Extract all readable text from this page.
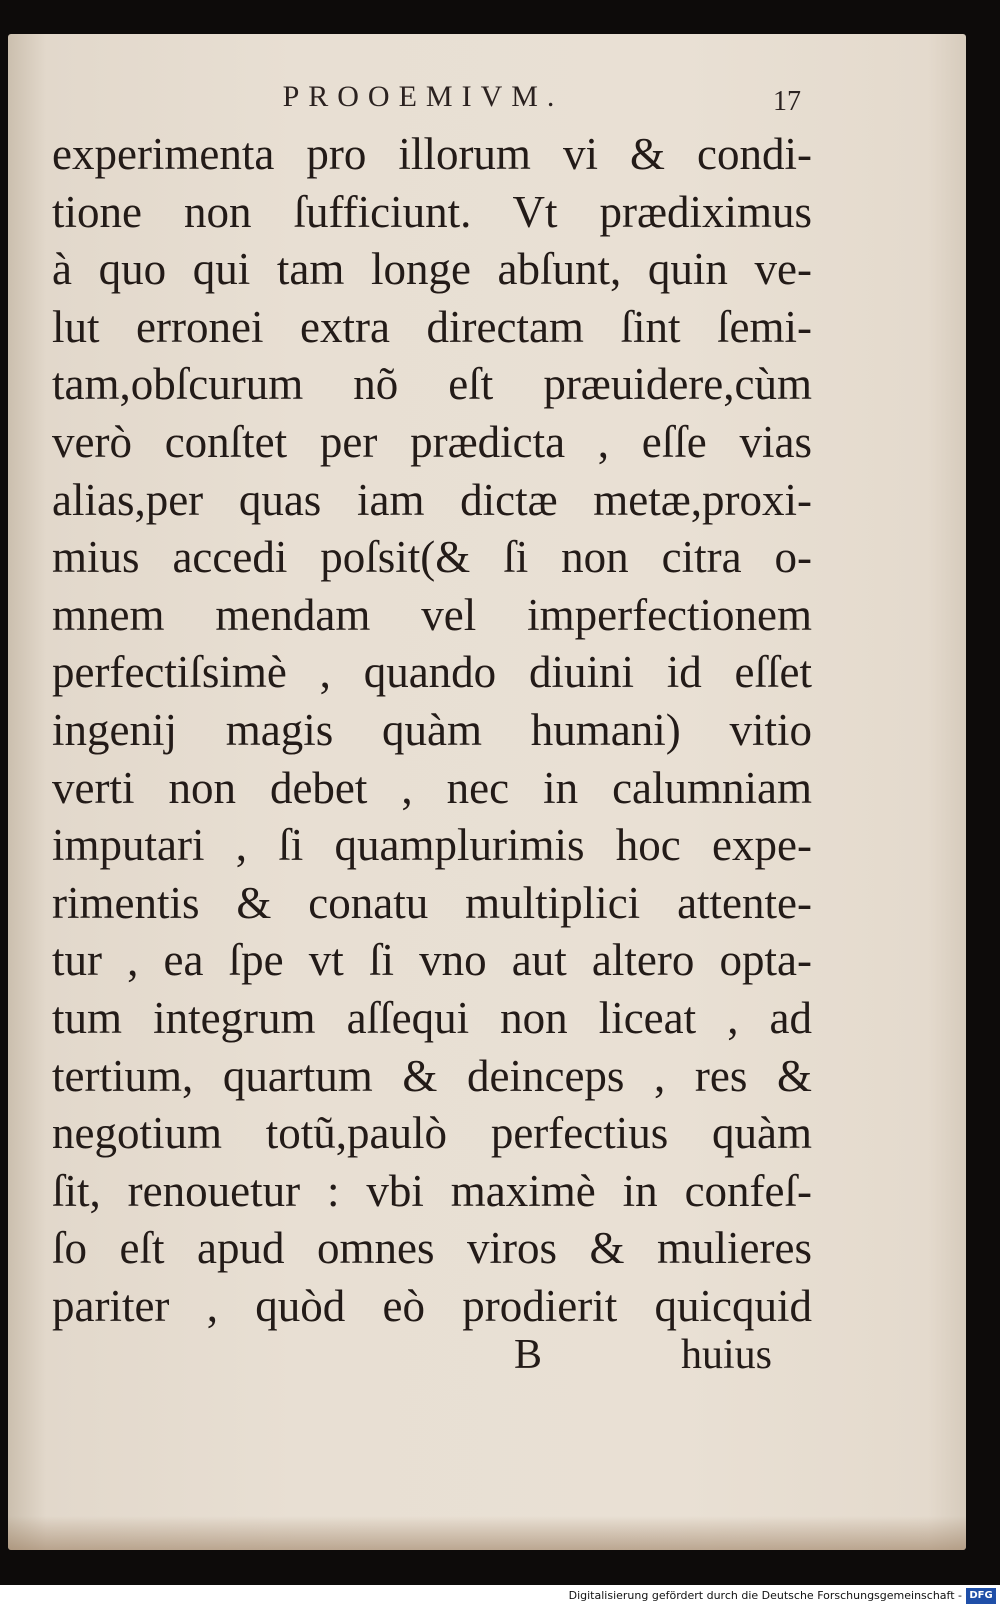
PROOEMIVM.	17
experimenta pro illorum vi & condi-
tione non ſufficiunt. Vt prædiximus
à quo qui tam longe abſunt, quin ve-
lut erronei extra directam ſint ſemi-
tam,obſcurum nõ eſt præuidere,cùm
verò conſtet per prædicta , eſſe vias
alias,per quas iam dictæ metæ,proxi-
mius accedi poſsit(& ſi non citra o-
mnem mendam vel imperfectionem
perfectiſsimè , quando diuini id eſſet
ingenij magis quàm humani) vitio
verti non debet , nec in calumniam
imputari , ſi quamplurimis hoc expe-
rimentis & conatu multiplici attente-
tur , ea ſpe vt ſi vno aut altero opta-
tum integrum aſſequi non liceat , ad
tertium, quartum & deinceps , res &
negotium totũ,paulò perfectius quàm
ſit, renouetur : vbi maximè in confeſ-
ſo eſt apud omnes viros & mulieres
pariter , quòd eò prodierit quicquid
B	huius
Digitalisierung gefördert durch die Deutsche Forschungsgemeinschaft - DFG
